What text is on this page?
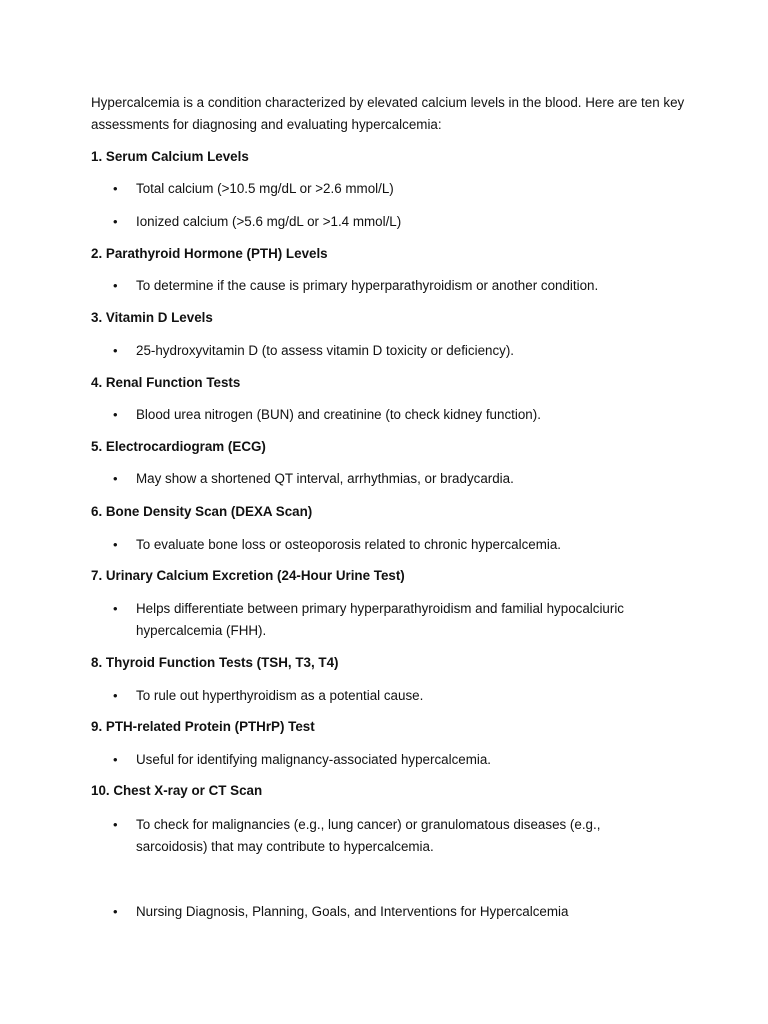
Hypercalcemia is a condition characterized by elevated calcium levels in the blood. Here are ten key assessments for diagnosing and evaluating hypercalcemia:

1. Serum Calcium Levels

• Total calcium (>10.5 mg/dL or >2.6 mmol/L)

• Ionized calcium (>5.6 mg/dL or >1.4 mmol/L)

2. Parathyroid Hormone (PTH) Levels

• To determine if the cause is primary hyperparathyroidism or another condition.

3. Vitamin D Levels

• 25-hydroxyvitamin D (to assess vitamin D toxicity or deficiency).

4. Renal Function Tests

• Blood urea nitrogen (BUN) and creatinine (to check kidney function).

5. Electrocardiogram (ECG)

• May show a shortened QT interval, arrhythmias, or bradycardia.

6. Bone Density Scan (DEXA Scan)

• To evaluate bone loss or osteoporosis related to chronic hypercalcemia.

7. Urinary Calcium Excretion (24-Hour Urine Test)

• Helps differentiate between primary hyperparathyroidism and familial hypocalciuric hypercalcemia (FHH).

8. Thyroid Function Tests (TSH, T3, T4)

• To rule out hyperthyroidism as a potential cause.

9. PTH-related Protein (PTHrP) Test

• Useful for identifying malignancy-associated hypercalcemia.

10. Chest X-ray or CT Scan

• To check for malignancies (e.g., lung cancer) or granulomatous diseases (e.g., sarcoidosis) that may contribute to hypercalcemia.

• Nursing Diagnosis, Planning, Goals, and Interventions for Hypercalcemia
